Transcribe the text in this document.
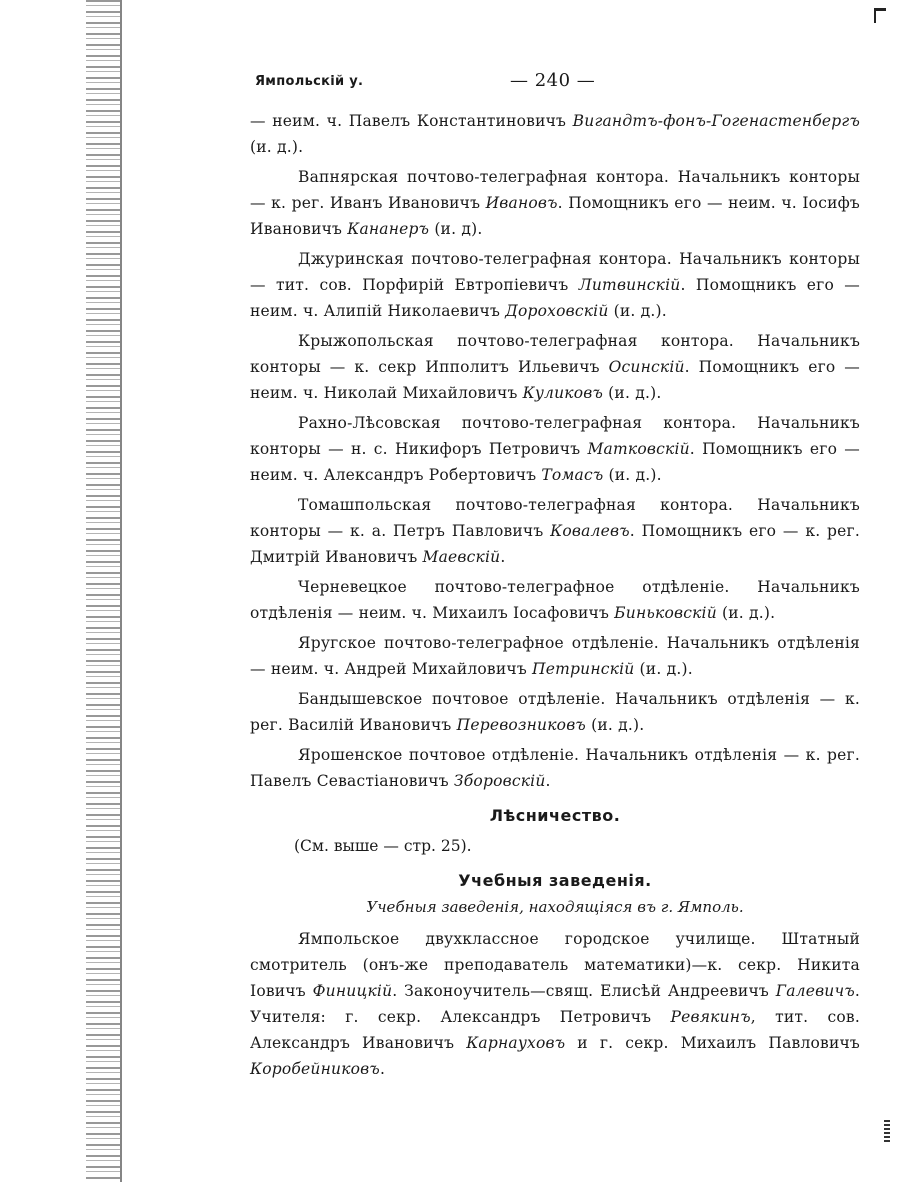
Ямпольскій у.	— 240 —

— неим. ч. Павелъ Константиновичъ Вигандтъ-фонъ-Гогенастенбергъ (и. д.).

Вапнярская почтово-телеграфная контора. Начальникъ конторы — к. рег. Иванъ Ивановичъ Ивановъ. Помощникъ его — неим. ч. Іосифъ Ивановичъ Кананеръ (и. д).

Джуринская почтово-телеграфная контора. Начальникъ конторы — тит. сов. Порфирій Евтропіевичъ Литвинскій. Помощникъ его — неим. ч. Алипій Николаевичъ Дороховскій (и. д.).

Крыжопольская почтово-телеграфная контора. Начальникъ конторы — к. секр Ипполитъ Ильевичъ Осинскій. Помощникъ его — неим. ч. Николай Михайловичъ Куликовъ (и. д.).

Рахно-Лѣсовская почтово-телеграфная контора. Начальникъ конторы — н. с. Никифоръ Петровичъ Матковскій. Помощникъ его — неим. ч. Александръ Робертовичъ Томасъ (и. д.).

Томашпольская почтово-телеграфная контора. Начальникъ конторы — к. а. Петръ Павловичъ Ковалевъ. Помощникъ его — к. рег. Дмитрій Ивановичъ Маевскій.

Черневецкое почтово-телеграфное отдѣленіе. Начальникъ отдѣленія — неим. ч. Михаилъ Іосафовичъ Биньковскій (и. д.).

Яругское почтово-телеграфное отдѣленіе. Начальникъ отдѣленія — неим. ч. Андрей Михайловичъ Петринскій (и. д.).

Бандышевское почтовое отдѣленіе. Начальникъ отдѣленія — к. рег. Василій Ивановичъ Перевозниковъ (и. д.).

Ярошенское почтовое отдѣленіе. Начальникъ отдѣленія — к. рег. Павелъ Севастіановичъ Зборовскій.

Лѣсничество.
(См. выше — стр. 25).
Учебныя заведенія.
Учебныя заведенія, находящіяся въ г. Ямполь.

Ямпольское двухклассное городское училище. Штатный смотритель (онъ-же преподаватель математики)—к. секр. Никита Іовичъ Финицкій. Законоучитель—свящ. Елисѣй Андреевичъ Галевичъ. Учителя: г. секр. Александръ Петровичъ Ревякинъ, тит. сов. Александръ Ивановичъ Карнауховъ и г. секр. Михаилъ Павловичъ Коробейниковъ.
